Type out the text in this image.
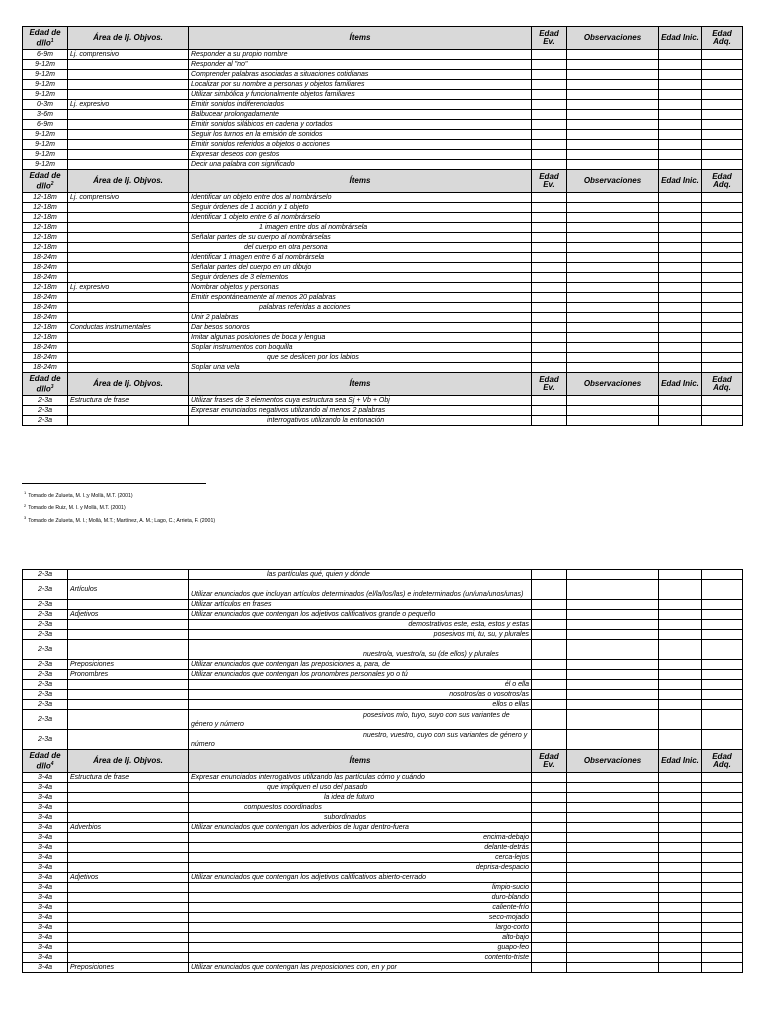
Edad de dllo$^1$	Área de lj. Objvos.	Ítems	Edad Ev.	Observaciones	Edad Inic.	Edad Adq.
6-9m	Lj. comprensivo	Responder a su propio nombre				
9-12m		Responder al "no"				
9-12m		Comprender palabras asociadas a situaciones cotidianas				
9-12m		Localizar por su nombre a personas y objetos familiares				
9-12m		Utilizar simbólica y funcionalmente objetos familiares				
0-3m	Lj. expresivo	Emitir sonidos indiferenciados				
3-6m		Balbucear prolongadamente				
6-9m		Emitir sonidos silábicos en cadena y cortados				
9-12m		Seguir los turnos en la emisión de sonidos				
9-12m		Emitir sonidos referidos a objetos o acciones				
9-12m		Expresar deseos con gestos				
9-12m		Decir una palabra con significado				
Edad de dllo$^2$	Área de lj. Objvos.	Ítems	Edad Ev.	Observaciones	Edad Inic.	Edad Adq.
12-18m	Lj. comprensivo	Identificar un objeto entre dos al nombrárselo				
12-18m		Seguir órdenes de 1 acción y 1 objeto				
12-18m		Identificar 1 objeto entre 6 al nombrárselo				
12-18m		1 imagen entre dos al nombrársela				
12-18m		Señalar partes de su cuerpo al nombrárselas				
12-18m		del cuerpo en otra persona				
18-24m		Identificar 1 imagen entre 6 al nombrársela				
18-24m		Señalar partes del cuerpo en un dibujo				
18-24m		Seguir órdenes de 3 elementos				
12-18m	Lj. expresivo	Nombrar objetos y personas				
18-24m		Emitir espontáneamente al menos 20 palabras				
18-24m		palabras referidas a acciones				
18-24m		Unir 2 palabras				
12-18m	Conductas instrumentales	Dar besos sonoros				
12-18m		Imitar algunas posiciones de boca y lengua				
18-24m		Soplar instrumentos con boquilla				
18-24m		que se deslicen por los labios				
18-24m		Soplar una vela				
Edad de dllo$^3$	Área de lj. Objvos.	Ítems	Edad Ev.	Observaciones	Edad Inic.	Edad Adq.
2-3a	Estructura de frase	Utilizar frases de 3 elementos cuya estructura sea Sj + Vb + Obj				
2-3a		Expresar enunciados negativos utilizando al menos 2 palabras				
2-3a		interrogativos utilizando la entonación				
$^1$Tomado de Zulueta, M. I.;y Mollà, M.T. (2001)
$^2$Tomado de Ruiz, M. I. y Mollà, M.T. (2001)
$^3$Tomado de Zulueta, M. I.; Mollà, M.T.; Martínez, A. M.; Lago, C.; Arrieta, F. (2001)
2-3a		las partículas qué, quien y dónde				
2-3a	Artículos	Utilizar enunciados que incluyan artículos determinados (el/la/los/las) e indeterminados (un/una/unos/unas)				
2-3a		Utilizar artículos en frases				
2-3a	Adjetivos	Utilizar enunciados que contengan los adjetivos calificativos grande o pequeño				
2-3a		demostrativos este, esta, estos y estas				
2-3a		posesivos mi, tu, su, y plurales				
2-3a		nuestro/a, vuestro/a, su (de ellos) y plurales				
2-3a	Preposiciones	Utilizar enunciados que contengan las preposiciones a, para, de				
2-3a	Pronombres	Utilizar enunciados que contengan los pronombres personales yo o tú				
2-3a		él o ella				
2-3a		nosotros/as o vosotros/as				
2-3a		ellos o ellas				
2-3a		posesivos mío, tuyo, suyo con sus variantes de género y número				
2-3a		nuestro, vuestro, cuyo con sus variantes de género y número				
Edad de dllo$^4$	Área de lj. Objvos.	Ítems	Edad Ev.	Observaciones	Edad Inic.	Edad Adq.
3-4a	Estructura de frase	Expresar enunciados interrogativos utilizando las partículas cómo y cuándo				
3-4a		que impliquen el uso del pasado				
3-4a		la idea de futuro				
3-4a		compuestos coordinados				
3-4a		subordinados				
3-4a	Adverbios	Utilizar enunciados que contengan los adverbios de lugar dentro-fuera				
3-4a		encima-debajo				
3-4a		delante-detrás				
3-4a		cerca-lejos				
3-4a		deprisa-despacio				
3-4a	Adjetivos	Utilizar enunciados que contengan los adjetivos calificativos abierto-cerrado				
3-4a		limpio-sucio				
3-4a		duro-blando				
3-4a		caliente-frío				
3-4a		seco-mojado				
3-4a		largo-corto				
3-4a		alto-bajo				
3-4a		guapo-feo				
3-4a		contento-triste				
3-4a	Preposiciones	Utilizar enunciados que contengan las preposiciones con, en y por				
